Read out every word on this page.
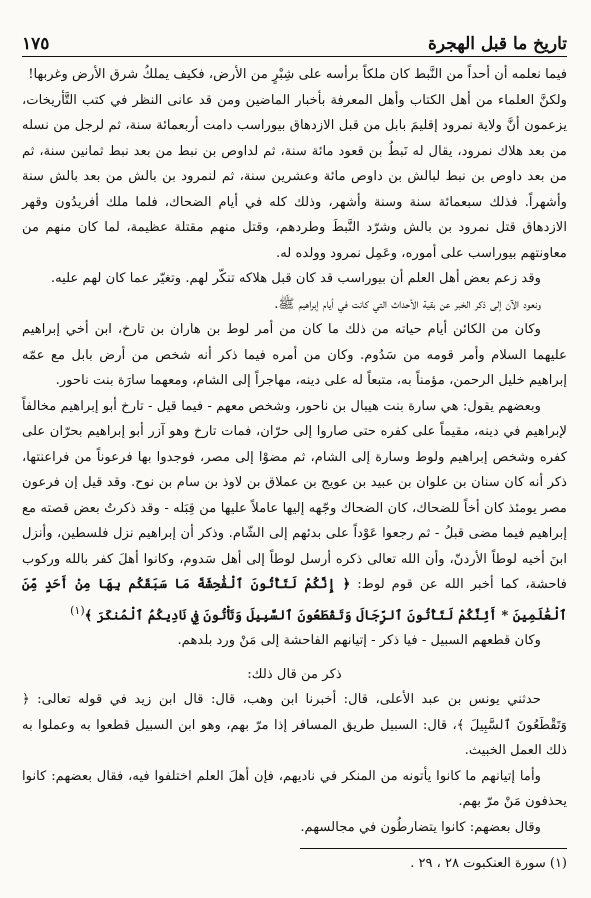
تاريخ ما قبل الهجرة
١٧٥

فيما نعلمه أن أحداً من النَّبط كان ملكاً برأسه على شِبْرٍ من الأرض، فكيف يملكُ شرق الأرض وغربها!

ولكنَّ العلماء من أهل الكتاب وأهل المعرفة بأخبار الماضين ومن قد عانى النظر في كتب التَّأريخات، يزعمون أنَّ ولاية نمرود إقليمَ بابل من قبل الازدهاق بيوراسب دامت أربعمائة سنة، ثم لرجل من نسله من بعد هلاك نمرود، يقال له نَبطُ بن قعود مائة سنة، ثم لداوص بن نبط من بعد نبط ثمانين سنة، ثم من بعد داوص بن نبط لبالش بن داوص مائة وعشرين سنة، ثم لنمرود بن بالش من بعد بالش سنة وأشهراً. فذلك سبعمائة سنة وسنة وأشهر، وذلك كله في أيام الضحاك، فلما ملك أفريدُون وقهر الازدهاق قتل نمرود بن بالش وشرّد النَّبطَ وطردهم، وقتل منهم مقتلة عظيمة، لما كان منهم من معاونتهم بيوراسب على أموره، وعَمِل نمرود وولده له.

وقد زعم بعض أهل العلم أن بيوراسب قد كان قبل هلاكه تنكّر لهم. وتغيّر عما كان لهم عليه.

ونعود الآن إلى ذكر الخبر عن بقية الأحداث التي كانت في أيام إبراهيم ﷺ.

وكان من الكائن أيام حياته من ذلك ما كان من أمر لوط بن هاران بن تارخ، ابن أخي إبراهيم عليهما السلام وأمر قومه من سَدُوم. وكان من أمره فيما ذكر أنه شخص من أرض بابل مع عمّه إبراهيم خليل الرحمن، مؤمناً به، متبعاً له على دينه، مهاجراً إلى الشام، ومعهما سارَة بنت ناحور.

وبعضهم يقول: هي سارة بنت هيبال بن ناحور، وشخص معهم - فيما قيل - تارخ أبو إبراهيم مخالفاً لإبراهيم في دينه، مقيماً على كفره حتى صاروا إلى حرّان، فمات تارخ وهو آزر أبو إبراهيم بحرّان على كفره وشخص إبراهيم ولوط وسارة إلى الشام، ثم مضوْا إلى مصر، فوجدوا بها فرعوناً من فراعنتها، ذكر أنه كان سنان بن علوان بن عبيد بن عويج بن عملاق بن لاوذ بن سام بن نوح. وقد قيل إن فرعون مصر يومئذ كان أخاً للضحاك، كان الضحاك وجّهه إليها عاملاً عليها من قِبَله - وقد ذكرتُ بعض قصته مع إبراهيم فيما مضى قبلُ - ثم رجعوا عَوْداً على بدئهم إلى الشّام. وذكر أن إبراهيم نزل فلسطين، وأنزل ابنَ أخيه لوطاً الأردنّ، وأن الله تعالى ذكره أرسل لوطاً إلى أهل سَدوم، وكانوا أهلَ كفر بالله وركوب فاحشة، كما أخبر الله عن قوم لوط: ﴿ إِنَّكُمْ لَتَأْتُونَ ٱلْفَٰحِشَةَ مَا سَبَقَكُم بِهَا مِنْ أَحَدٍ مِّنَ ٱلْعَٰلَمِينَ * أَئِنَّكُمْ لَتَأْتُونَ ٱلرِّجَالَ وَتَقْطَعُونَ ٱلسَّبِيلَ وَتَأْتُونَ فِي نَادِيكُمُ ٱلْمُنكَرَ ﴾$^{(١)}$

وكان قطعهم السبيل - فيا ذكر - إتيانهم الفاحشة إلى مَنْ ورد بلدهم.

ذكر من قال ذلك:

حدثني يونس بن عبد الأعلى، قال: أخبرنا ابن وهب، قال: قال ابن زيد في قوله تعالى: ﴿ وَتَقْطَعُونَ ٱلسَّبِيلَ ﴾، قال: السبيل طريق المسافر إذا مرّ بهم، وهو ابن السبيل قطعوا به وعملوا به ذلك العمل الخبيث.

وأما إتيانهم ما كانوا يأتونه من المنكر في ناديهم، فإن أهلَ العلم اختلفوا فيه، فقال بعضهم: كانوا يحذفون مَنْ مرّ بهم.

وقال بعضهم: كانوا يتضارطُون في مجالسهم.

(١) سورة العنكبوت ٢٨ ، ٢٩ .
